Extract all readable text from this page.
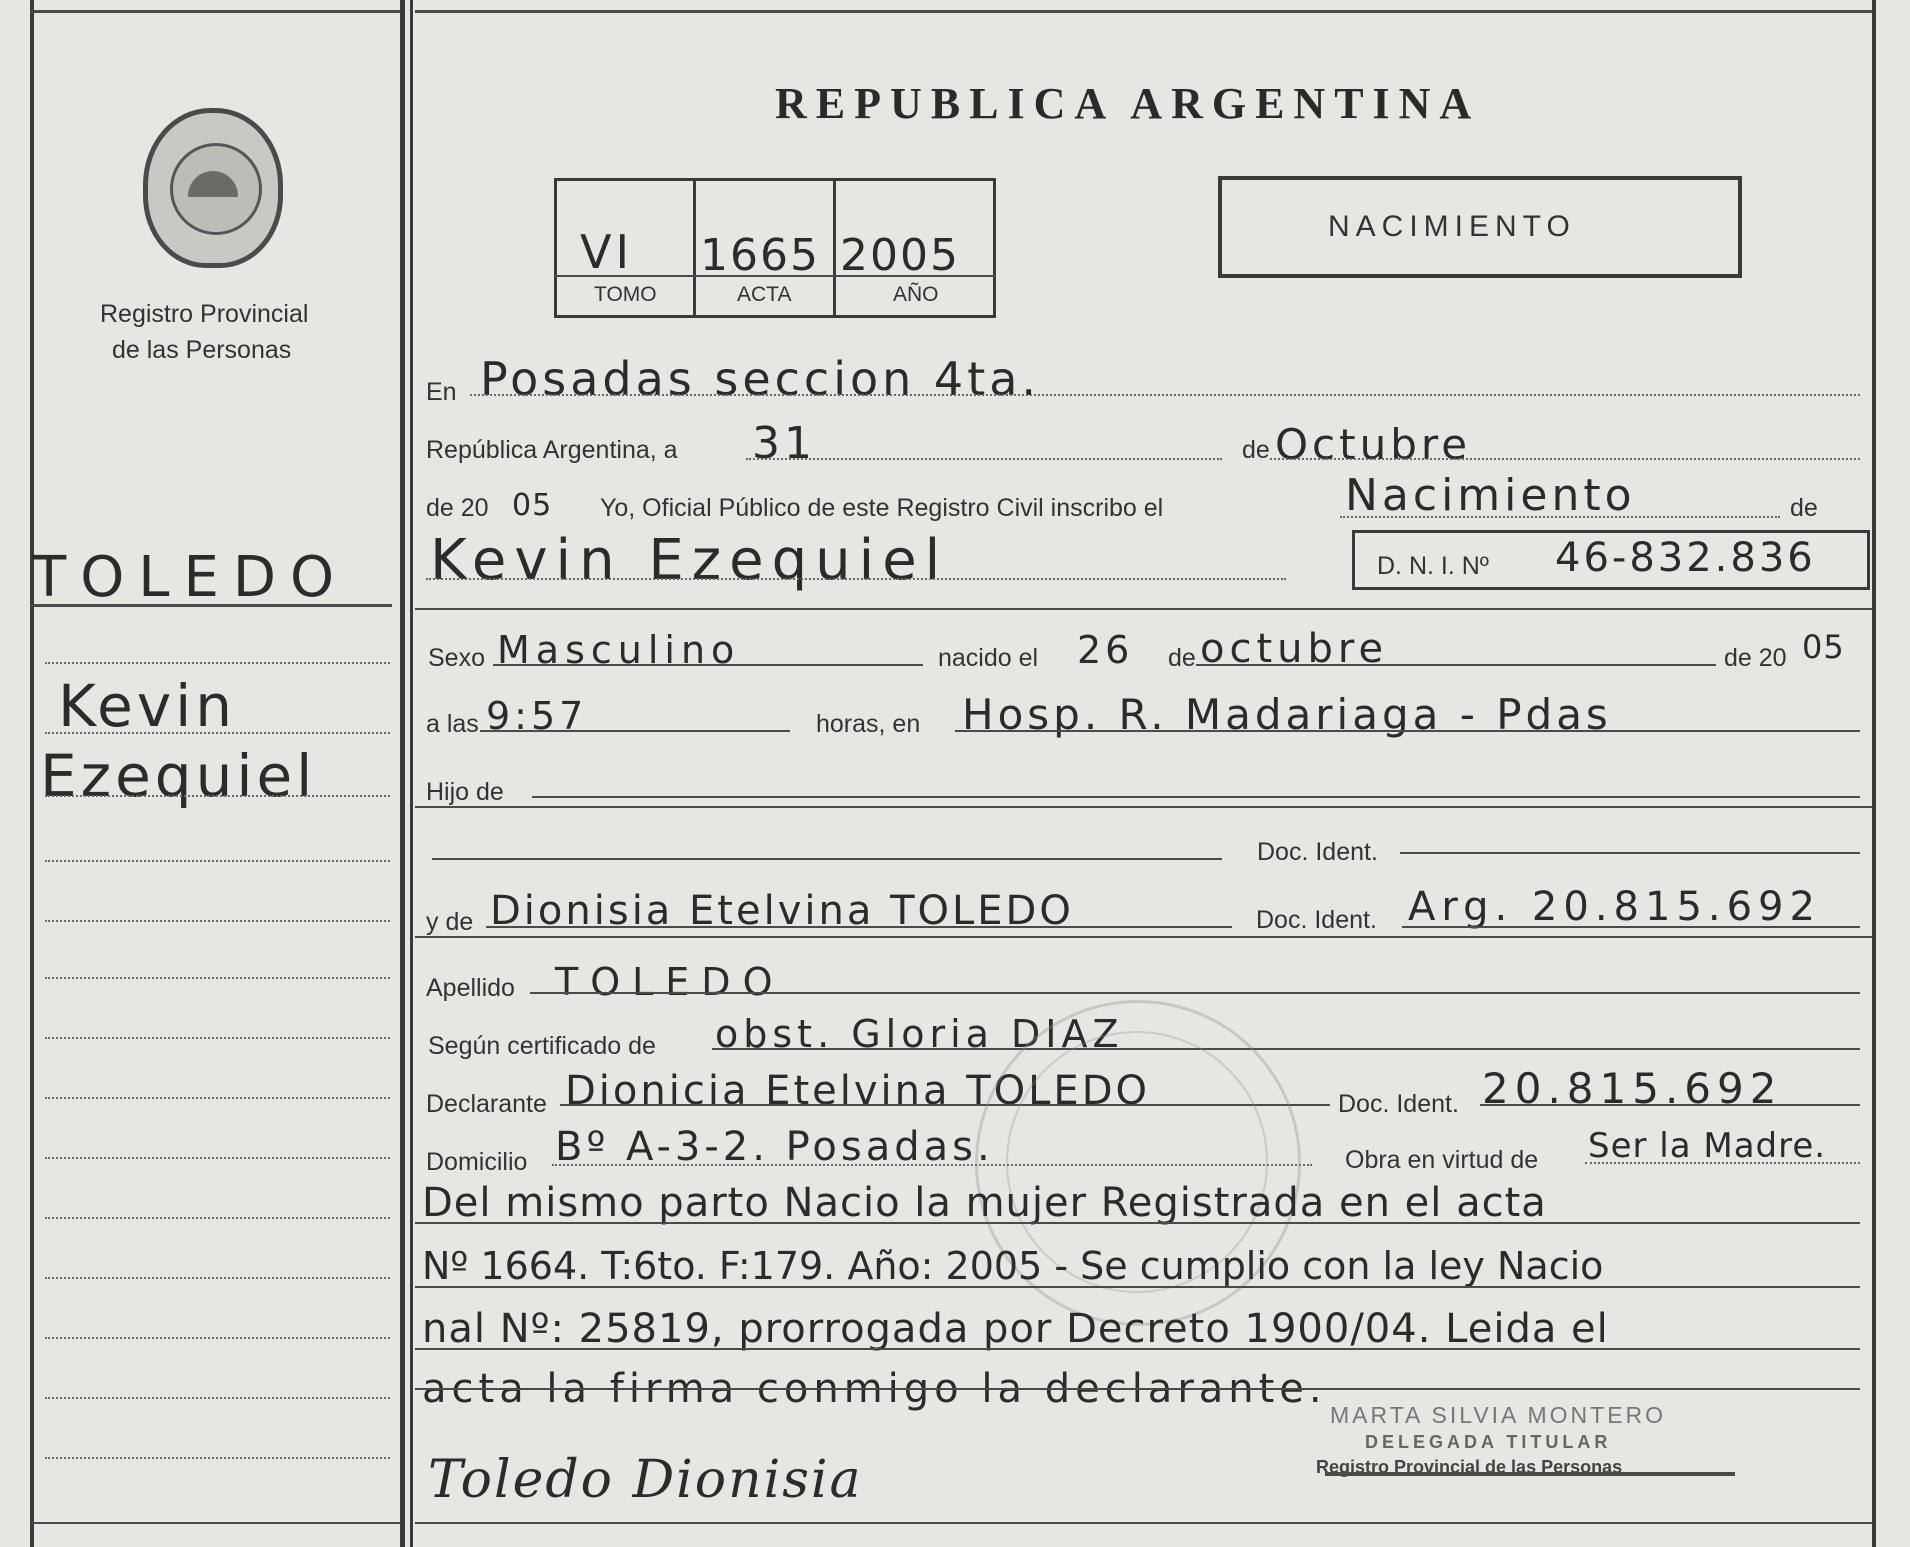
Registro Provincial
de las Personas
TOLEDO
Kevin
Ezequiel
REPUBLICA ARGENTINA
VI 1665 2005
TOMO	ACTA	AÑO
NACIMIENTO
En Posadas seccion 4ta.
República Argentina, a 31	de Octubre
de 20 05 Yo, Oficial Público de este Registro Civil inscribo el	Nacimiento	de
Kevin Ezequiel	D. N. I. Nº 46-832.836
Sexo Masculino	nacido el 26 de octubre	de 20 05
a las 9:57	horas, en Hosp. R. Madariaga - Pdas
Hijo de
Doc. Ident.
y de Dionisia Etelvina TOLEDO	Doc. Ident. Arg. 20.815.692
Apellido TOLEDO
Según certificado de obst. Gloria DIAZ
Declarante Dionicia Etelvina TOLEDO	Doc. Ident. 20.815.692
Domicilio Bº A-3-2. Posadas.	Obra en virtud de Ser la Madre.
Del mismo parto Nacio la mujer Registrada en el acta
Nº 1664. T:6to. F:179. Año: 2005 - Se cumplio con la ley Nacio
nal Nº: 25819, prorrogada por Decreto 1900/04. Leida el
acta la firma conmigo la declarante.
MARTA SILVIA MONTERO
DELEGADA TITULAR
Registro Provincial de las Personas
Toledo Dionisia
